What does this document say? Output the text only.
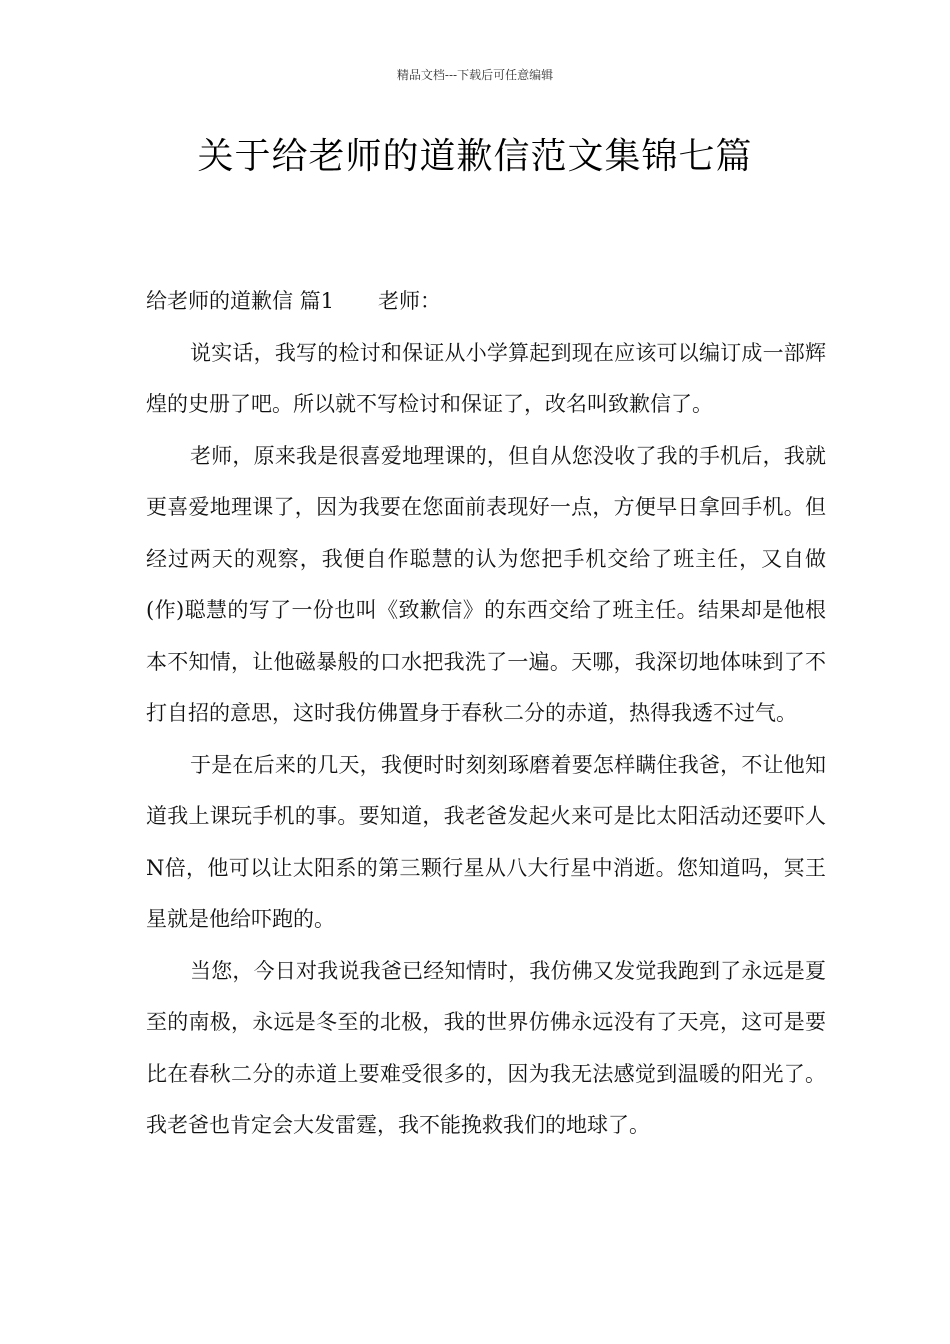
精品文档---下载后可任意编辑
关于给老师的道歉信范文集锦七篇
给老师的道歉信 篇1 老师：

说实话，我写的检讨和保证从小学算起到现在应该可以编订成一部辉煌的史册了吧。所以就不写检讨和保证了，改名叫致歉信了。

老师，原来我是很喜爱地理课的，但自从您没收了我的手机后，我就更喜爱地理课了，因为我要在您面前表现好一点，方便早日拿回手机。但经过两天的观察，我便自作聪慧的认为您把手机交给了班主任，又自做(作)聪慧的写了一份也叫《致歉信》的东西交给了班主任。结果却是他根本不知情，让他磁暴般的口水把我洗了一遍。天哪，我深切地体味到了不打自招的意思，这时我仿佛置身于春秋二分的赤道，热得我透不过气。

于是在后来的几天，我便时时刻刻琢磨着要怎样瞒住我爸，不让他知道我上课玩手机的事。要知道，我老爸发起火来可是比太阳活动还要吓人N倍，他可以让太阳系的第三颗行星从八大行星中消逝。您知道吗，冥王星就是他给吓跑的。

当您，今日对我说我爸已经知情时，我仿佛又发觉我跑到了永远是夏至的南极，永远是冬至的北极，我的世界仿佛永远没有了天亮，这可是要比在春秋二分的赤道上要难受很多的，因为我无法感觉到温暖的阳光了。我老爸也肯定会大发雷霆，我不能挽救我们的地球了。
